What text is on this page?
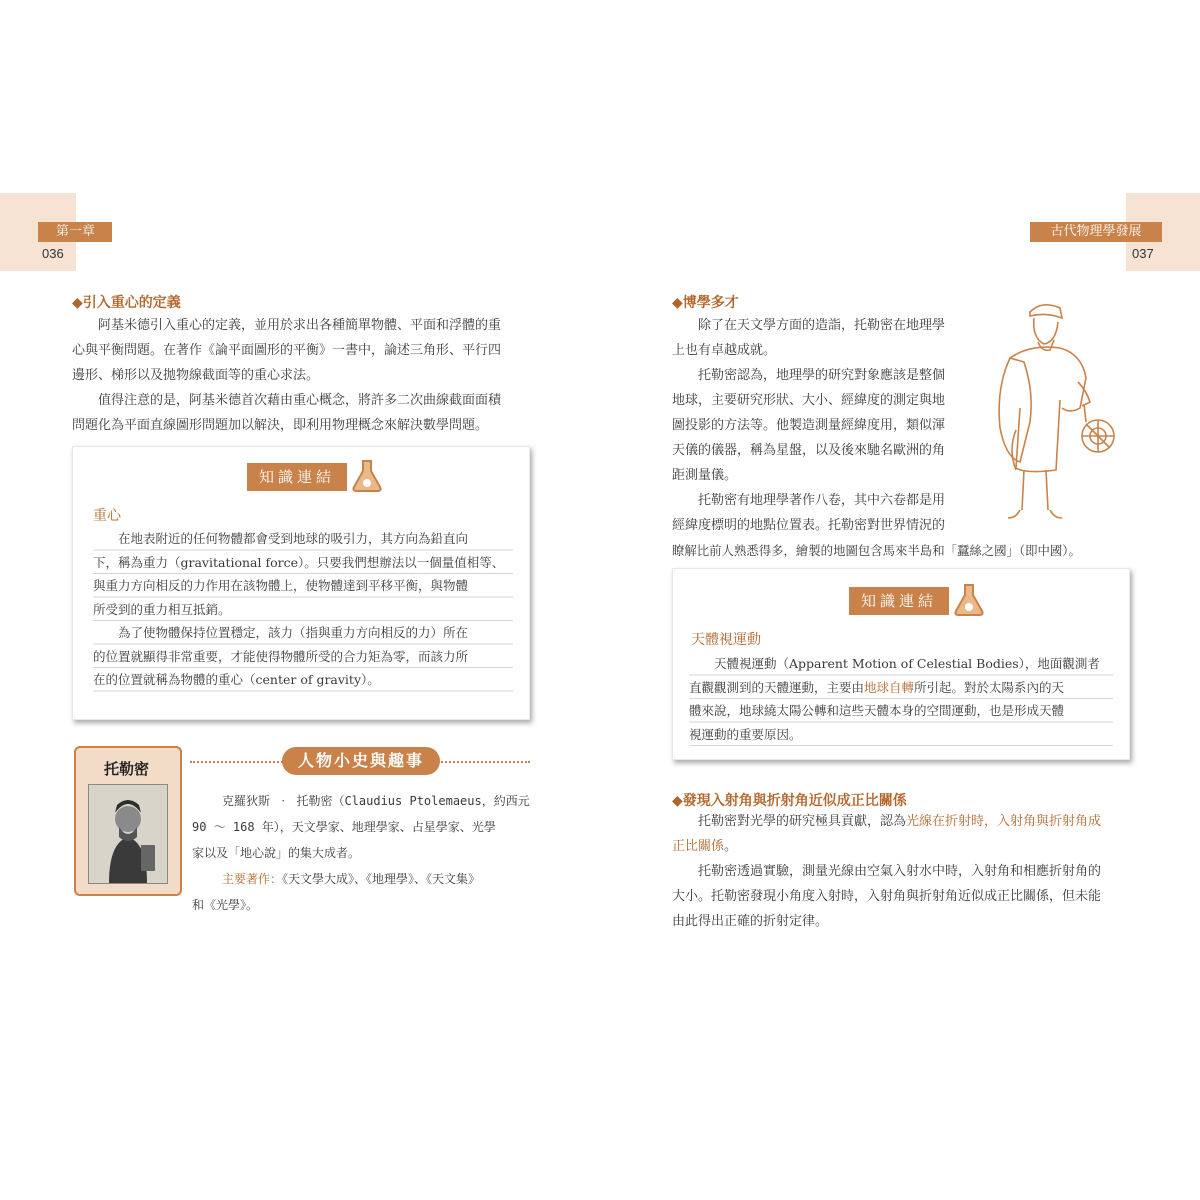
第一章
036
◆引入重心的定義

阿基米德引入重心的定義，並用於求出各種簡單物體、平面和浮體的重

心與平衡問題。在著作《論平面圖形的平衡》一書中，論述三角形、平行四

邊形、梯形以及拋物線截面等的重心求法。

值得注意的是，阿基米德首次藉由重心概念，將許多二次曲線截面面積

問題化為平面直線圖形問題加以解決，即利用物理概念來解決數學問題。

知識連結
重心

在地表附近的任何物體都會受到地球的吸引力，其方向為鉛直向

下，稱為重力（gravitational force）。只要我們想辦法以一個量值相等、

與重力方向相反的力作用在該物體上，使物體達到平移平衡，與物體

所受到的重力相互抵銷。

為了使物體保持位置穩定，該力（指與重力方向相反的力）所在

的位置就顯得非常重要，才能使得物體所受的合力矩為零，而該力所

在的位置就稱為物體的重心（center of gravity）。

托勒密	人物小史與趣事

克羅狄斯 ‧ 托勒密（Claudius Ptolemaeus，約西元

90 ～ 168 年），天文學家、地理學家、占星學家、光學

家以及「地心說」的集大成者。

主要著作：《天文學大成》、《地理學》、《天文集》

和《光學》。

古代物理學發展
037
◆博學多才

除了在天文學方面的造詣，托勒密在地理學

上也有卓越成就。

托勒密認為，地理學的研究對象應該是整個

地球，主要研究形狀、大小、經緯度的測定與地

圖投影的方法等。他製造測量經緯度用，類似渾

天儀的儀器，稱為星盤，以及後來馳名歐洲的角

距測量儀。

托勒密有地理學著作八卷，其中六卷都是用

經緯度標明的地點位置表。托勒密對世界情況的

瞭解比前人熟悉得多，繪製的地圖包含馬來半島和「蠶絲之國」（即中國）。

知識連結
天體視運動

天體視運動（Apparent Motion of Celestial Bodies），地面觀測者

直觀觀測到的天體運動，主要由地球自轉所引起。對於太陽系內的天

體來說，地球繞太陽公轉和這些天體本身的空間運動，也是形成天體

視運動的重要原因。

◆發現入射角與折射角近似成正比關係

托勒密對光學的研究極具貢獻，認為光線在折射時，入射角與折射角成

正比關係。

托勒密透過實驗，測量光線由空氣入射水中時，入射角和相應折射角的

大小。托勒密發現小角度入射時，入射角與折射角近似成正比關係，但未能

由此得出正確的折射定律。
